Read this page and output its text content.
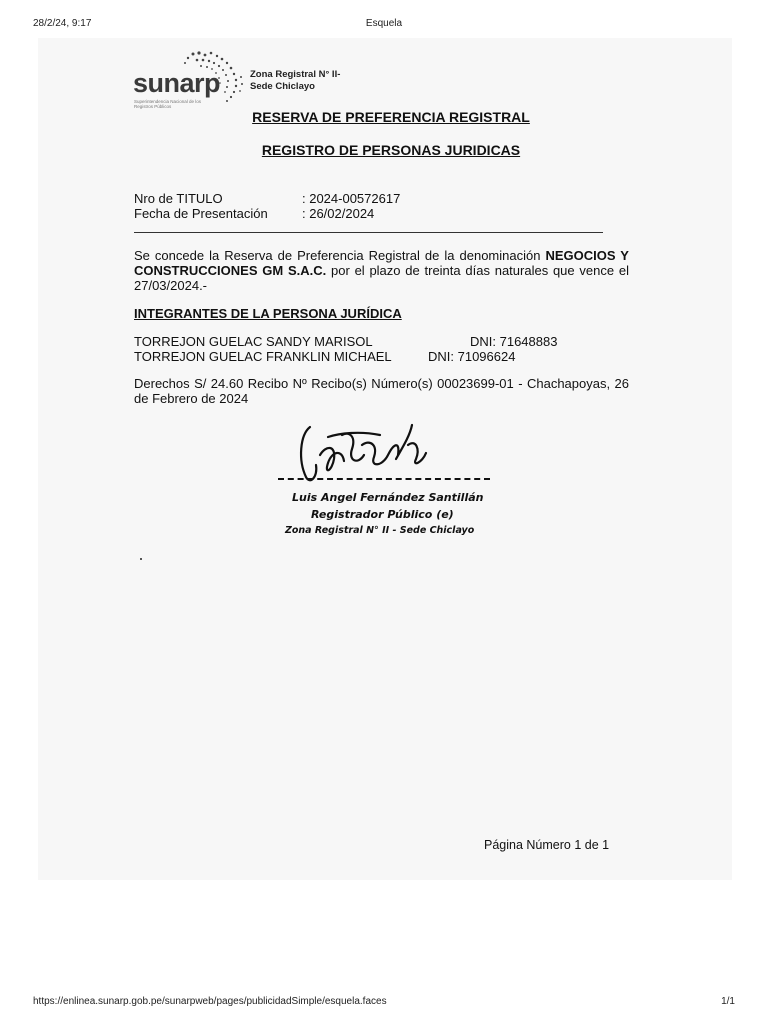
28/2/24, 9:17	Esquela
sunarp
Superintendencia Nacional de los Registros Públicos
Zona Registral N° II-
Sede Chiclayo
RESERVA DE PREFERENCIA REGISTRAL
REGISTRO DE PERSONAS JURIDICAS
Nro de TITULO	: 2024-00572617
Fecha de Presentación	: 26/02/2024
Se concede la Reserva de Preferencia Registral de la denominación NEGOCIOS Y CONSTRUCCIONES GM S.A.C. por el plazo de treinta días naturales que vence el 27/03/2024.-
INTEGRANTES DE LA PERSONA JURÍDICA
TORREJON GUELAC SANDY MARISOL	DNI: 71648883
TORREJON GUELAC FRANKLIN MICHAEL	DNI: 71096624
Derechos S/ 24.60 Recibo Nº Recibo(s) Número(s) 00023699-01 - Chachapoyas, 26 de Febrero de 2024
Luis Angel Fernández Santillán
Registrador Público (e)
Zona Registral N° II - Sede Chiclayo
Página Número 1 de 1
https://enlinea.sunarp.gob.pe/sunarpweb/pages/publicidadSimple/esquela.faces	1/1
